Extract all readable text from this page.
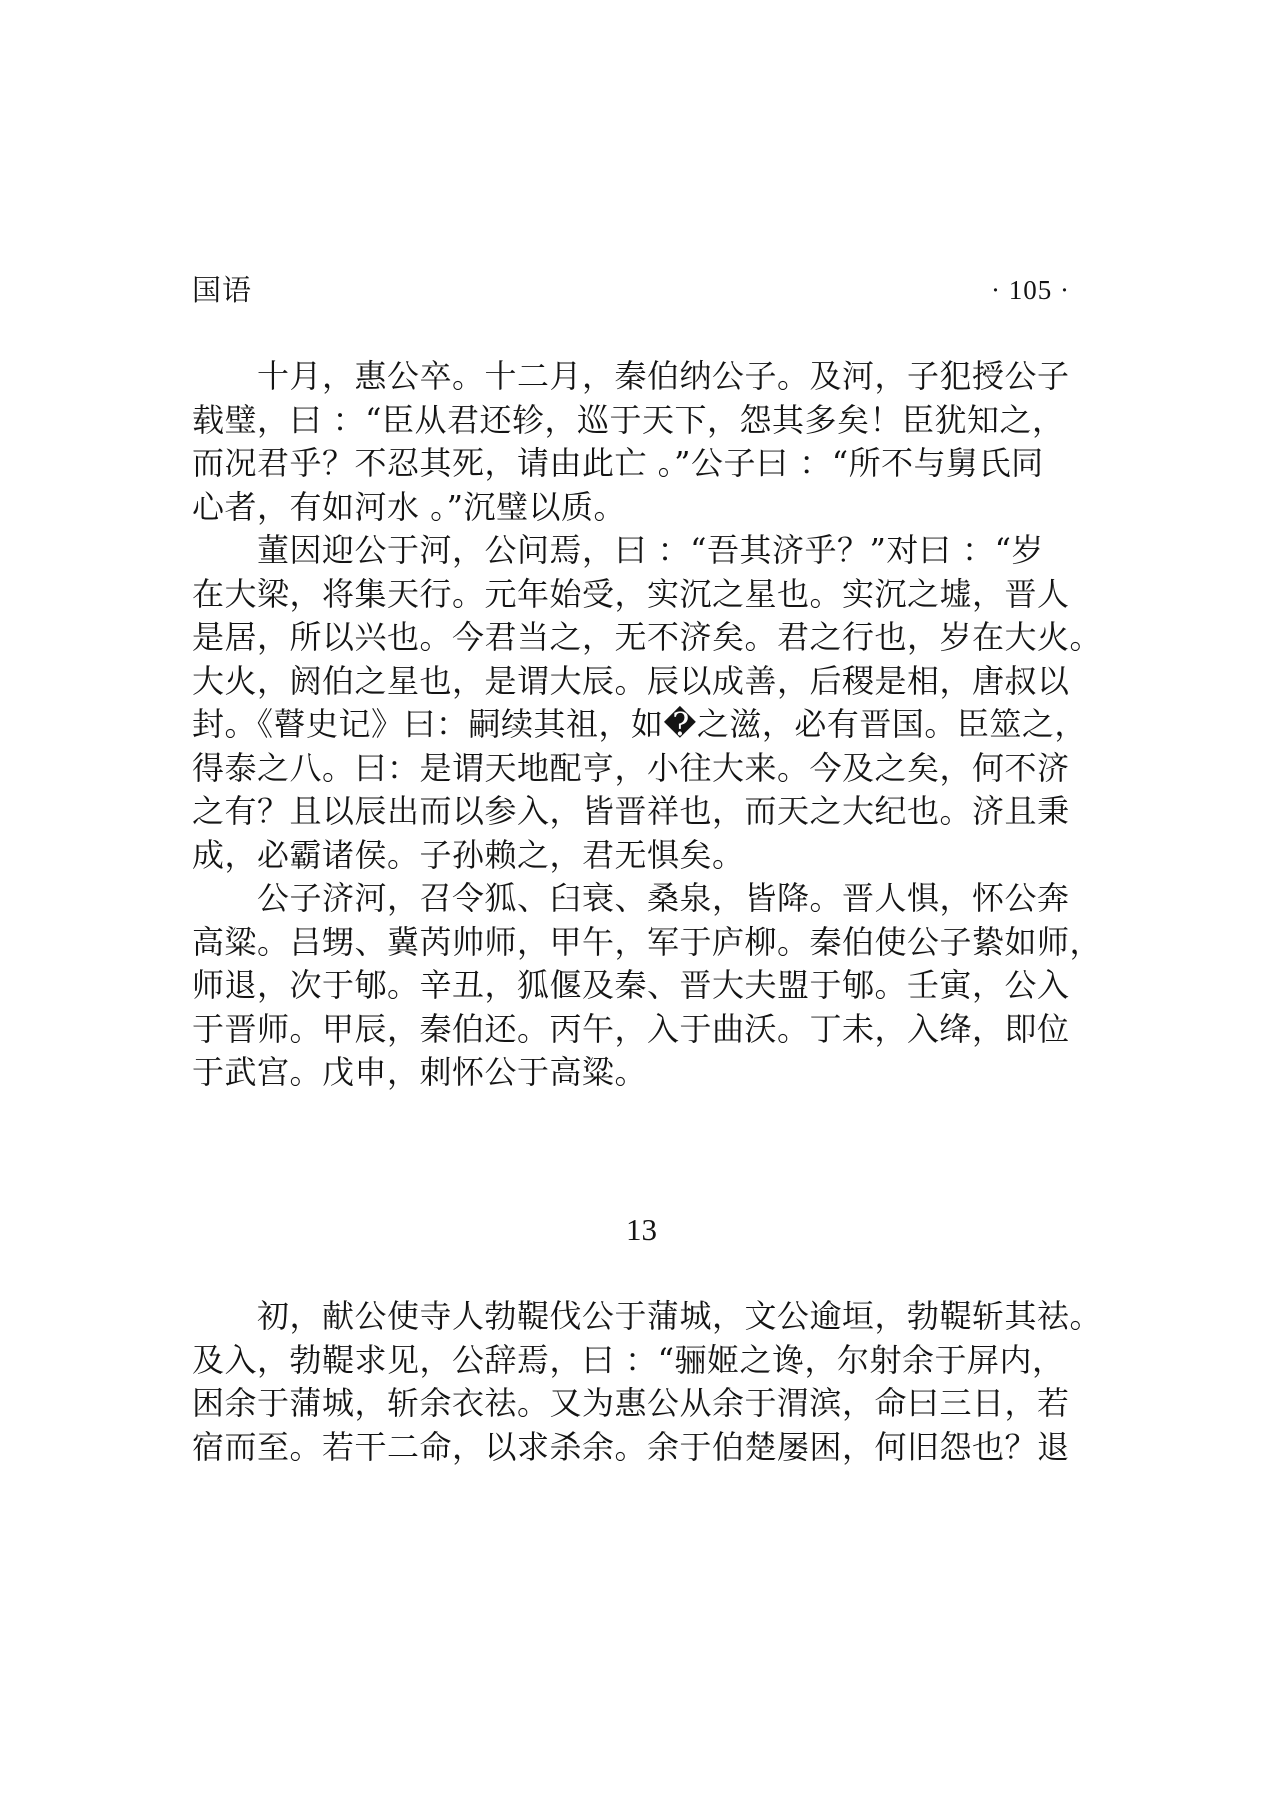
国语	· 105 ·
十月，惠公卒。十二月，秦伯纳公子。及河，子犯授公子
载璧，曰 ：“臣从君还轸，巡于天下，怨其多矣！臣犹知之，
而况君乎？不忍其死，请由此亡 。”公子曰 ：“所不与舅氏同
心者，有如河水 。”沉璧以质。
董因迎公于河，公问焉，曰 ：“吾其济乎？”对曰 ：“岁
在大梁，将集天行。元年始受，实沉之星也。实沉之墟，晋人
是居，所以兴也。今君当之，无不济矣。君之行也，岁在大火。
大火，阏伯之星也，是谓大辰。辰以成善，后稷是相，唐叔以
封。《瞽史记》曰：嗣续其祖，如�之滋，必有晋国。臣筮之，
得泰之八。曰：是谓天地配亨，小往大来。今及之矣，何不济
之有？且以辰出而以参入，皆晋祥也，而天之大纪也。济且秉
成，必霸诸侯。子孙赖之，君无惧矣。
公子济河，召令狐、臼衰、桑泉，皆降。晋人惧，怀公奔
高粱。吕甥、冀芮帅师，甲午，军于庐柳。秦伯使公子絷如师，
师退，次于郇。辛丑，狐偃及秦、晋大夫盟于郇。壬寅，公入
于晋师。甲辰，秦伯还。丙午，入于曲沃。丁未，入绛，即位
于武宫。戊申，刺怀公于高粱。
13
初，献公使寺人勃鞮伐公于蒲城，文公逾垣，勃鞮斩其祛。
及入，勃鞮求见，公辞焉，曰 ：“骊姬之谗，尔射余于屏内，
困余于蒲城，斩余衣祛。又为惠公从余于渭滨，命曰三日，若
宿而至。若干二命，以求杀余。余于伯楚屡困，何旧怨也？退
